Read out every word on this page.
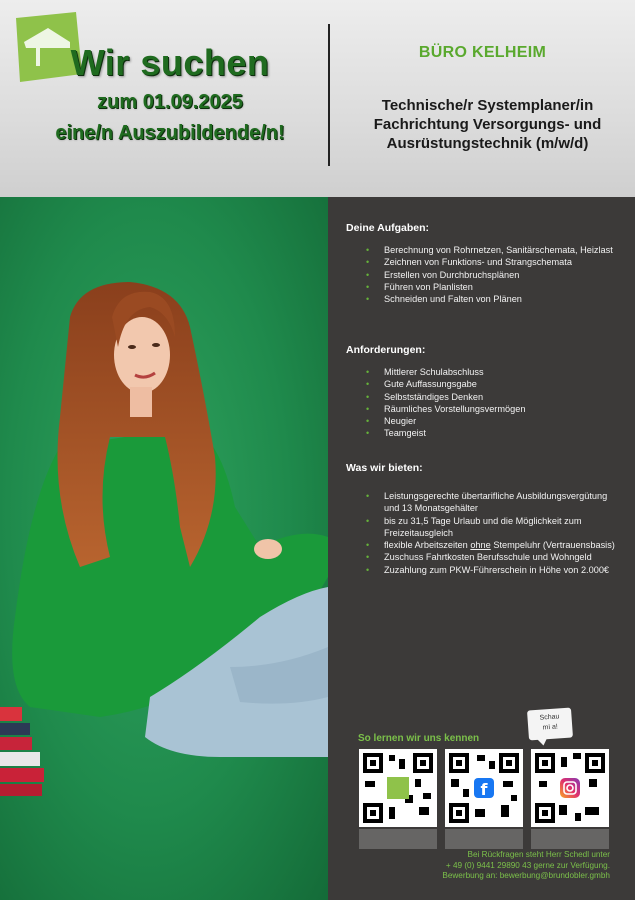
Wir suchen
zum 01.09.2025
eine/n Auszubildende/n!
BÜRO KELHEIM
Technische/r Systemplaner/in
Fachrichtung Versorgungs- und
Ausrüstungstechnik (m/w/d)
Deine Aufgaben:
• Berechnung von Rohrnetzen, Sanitärschemata, Heizlast
• Zeichnen von Funktions- und Strangschemata
• Erstellen von Durchbruchsplänen
• Führen von Planlisten
• Schneiden und Falten von Plänen
Anforderungen:
• Mittlerer Schulabschluss
• Gute Auffassungsgabe
• Selbstständiges Denken
• Räumliches Vorstellungsvermögen
• Neugier
• Teamgeist
Was wir bieten:
• Leistungsgerechte übertarifliche Ausbildungsvergütung und 13 Monatsgehälter
• bis zu 31,5 Tage Urlaub und die Möglichkeit zum Freizeitausgleich
• flexible Arbeitszeiten ohne Stempeluhr (Vertrauensbasis)
• Zuschuss Fahrtkosten Berufsschule und Wohngeld
• Zuzahlung zum PKW-Führerschein in Höhe von 2.000€
Schau
mi a!
So lernen wir uns kennen
f
Bei Rückfragen steht Herr Schedl unter
+ 49 (0) 9441 29890 43 gerne zur Verfügung.
Bewerbung an: bewerbung@brundobler.gmbh
